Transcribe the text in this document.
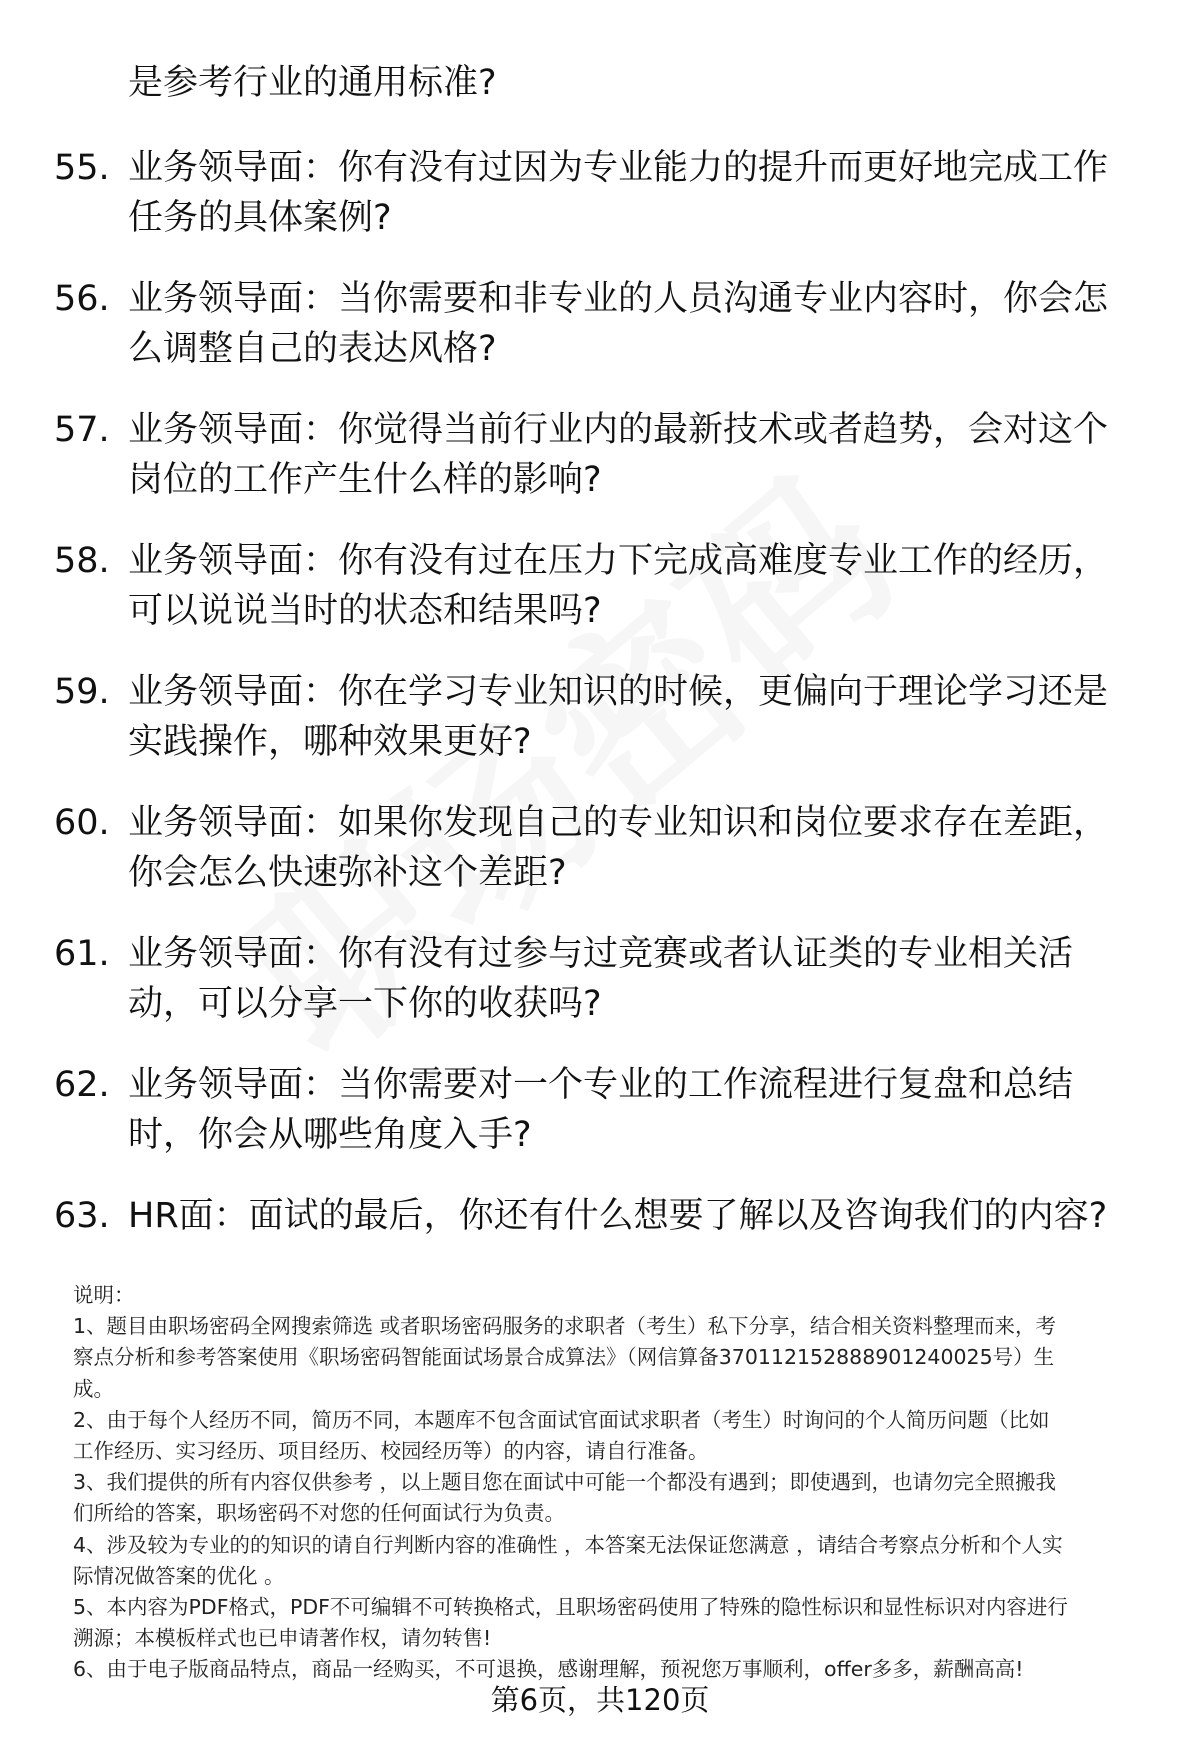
是参考行业的通用标准?
55. 业务领导面：你有没有过因为专业能力的提升而更好地完成工作
任务的具体案例?
56. 业务领导面：当你需要和非专业的人员沟通专业内容时，你会怎
么调整自己的表达风格?
57. 业务领导面：你觉得当前行业内的最新技术或者趋势，会对这个
岗位的工作产生什么样的影响?
58. 业务领导面：你有没有过在压力下完成高难度专业工作的经历，
可以说说当时的状态和结果吗?
59. 业务领导面：你在学习专业知识的时候，更偏向于理论学习还是
实践操作，哪种效果更好?
60. 业务领导面：如果你发现自己的专业知识和岗位要求存在差距，
你会怎么快速弥补这个差距?
61. 业务领导面：你有没有过参与过竞赛或者认证类的专业相关活
动，可以分享一下你的收获吗?
62. 业务领导面：当你需要对一个专业的工作流程进行复盘和总结
时，你会从哪些角度入手?
63. HR面：面试的最后，你还有什么想要了解以及咨询我们的内容?
说明：
1、题目由职场密码全网搜索筛选 或者职场密码服务的求职者（考生）私下分享，结合相关资料整理而来，考
察点分析和参考答案使用《职场密码智能面试场景合成算法》（网信算备370112152888901240025号）生
成。
2、由于每个人经历不同，简历不同，本题库不包含面试官面试求职者（考生）时询问的个人简历问题（比如
工作经历、实习经历、项目经历、校园经历等）的内容，请自行准备。
3、我们提供的所有内容仅供参考 ，以上题目您在面试中可能一个都没有遇到；即使遇到，也请勿完全照搬我
们所给的答案，职场密码不对您的任何面试行为负责。
4、涉及较为专业的的知识的请自行判断内容的准确性 ，本答案无法保证您满意 ，请结合考察点分析和个人实
际情况做答案的优化 。
5、本内容为PDF格式，PDF不可编辑不可转换格式，且职场密码使用了特殊的隐性标识和显性标识对内容进行
溯源；本模板样式也已申请著作权，请勿转售!
6、由于电子版商品特点，商品一经购买，不可退换，感谢理解，预祝您万事顺利，offer多多，薪酬高高!
第6页，共120页
